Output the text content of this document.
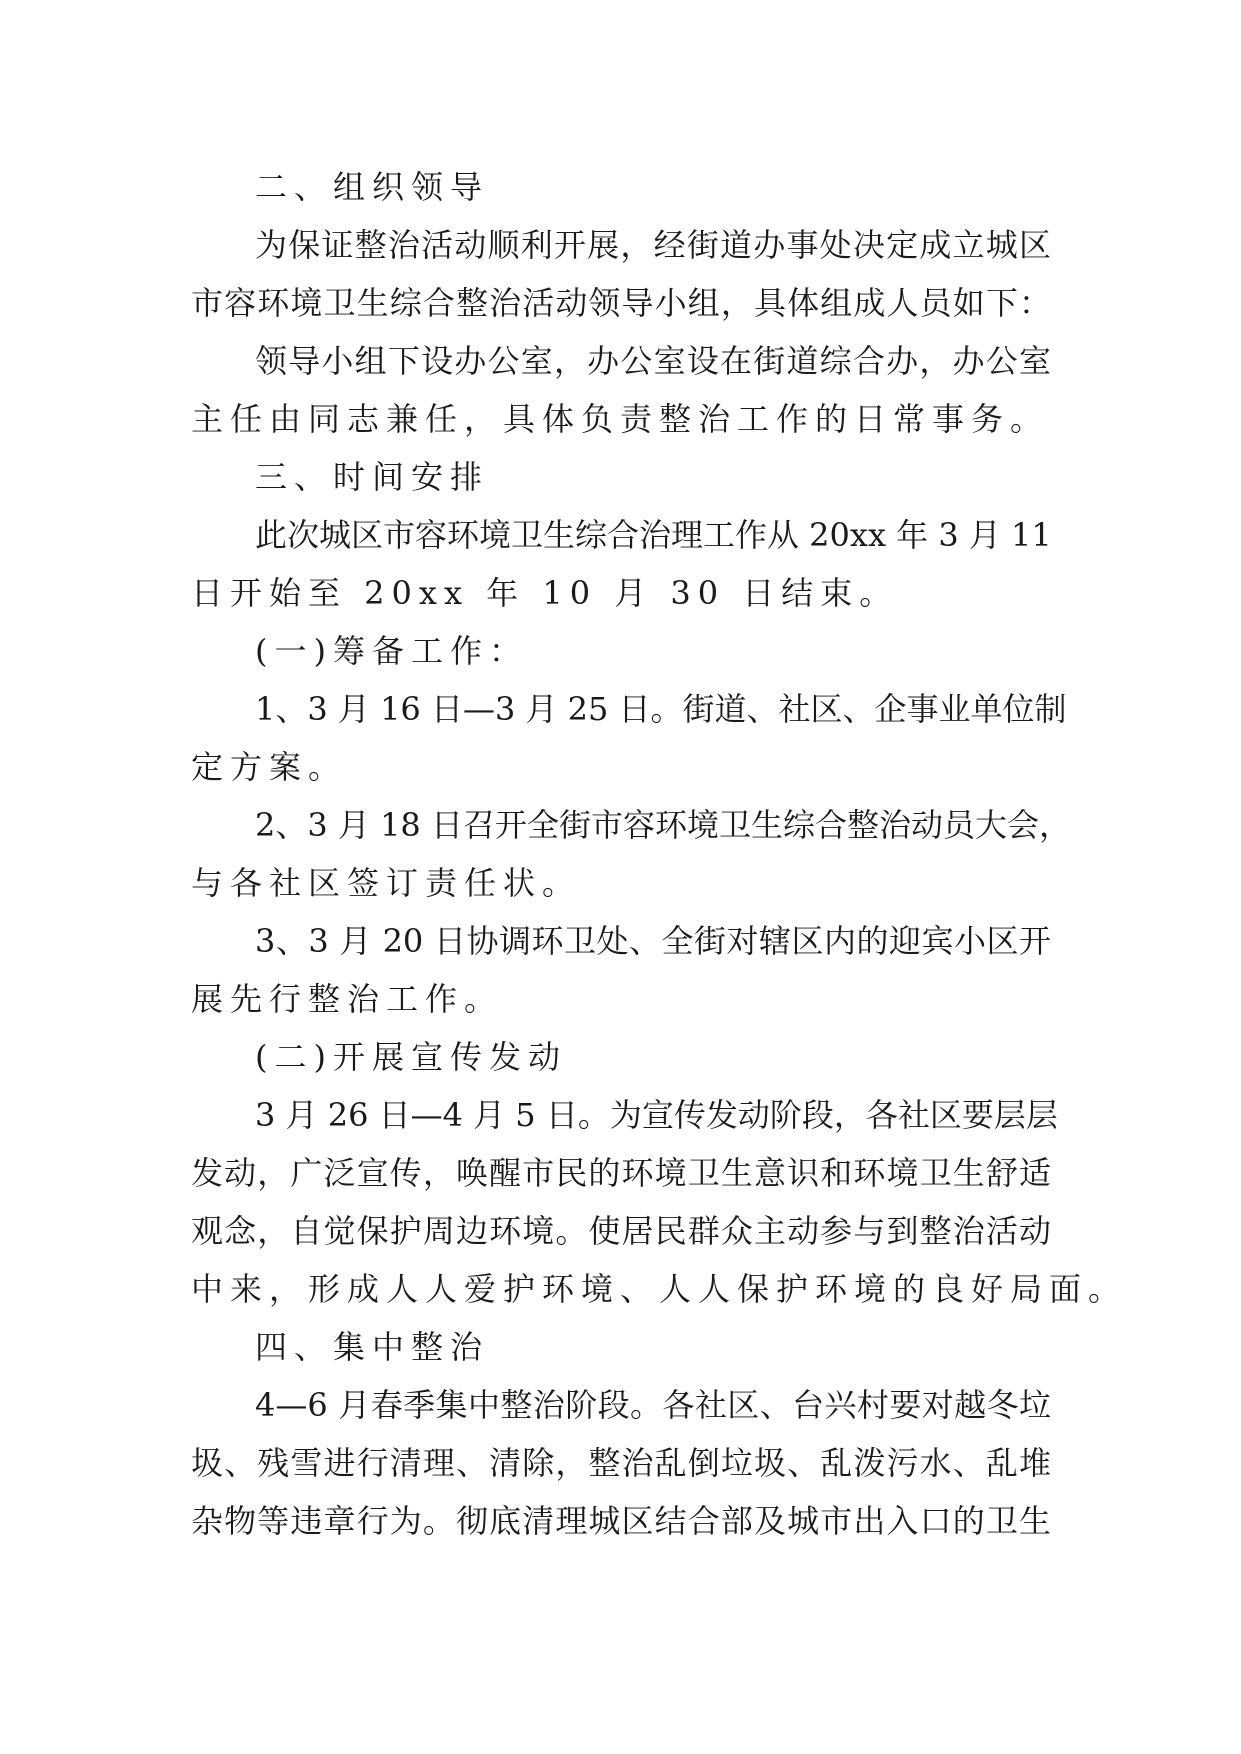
二、组织领导
为保证整治活动顺利开展，经街道办事处决定成立城区
市容环境卫生综合整治活动领导小组，具体组成人员如下：
领导小组下设办公室，办公室设在街道综合办，办公室
主任由同志兼任，具体负责整治工作的日常事务。
三、时间安排
此次城区市容环境卫生综合治理工作从 20xx 年 3 月 11
日开始至 20xx 年 10 月 30 日结束。
(一)筹备工作：
1、3 月 16 日—3 月 25 日。街道、社区、企事业单位制
定方案。
2、3 月 18 日召开全街市容环境卫生综合整治动员大会，
与各社区签订责任状。
3、3 月 20 日协调环卫处、全街对辖区内的迎宾小区开
展先行整治工作。
(二)开展宣传发动
3 月 26 日—4 月 5 日。为宣传发动阶段，各社区要层层
发动，广泛宣传，唤醒市民的环境卫生意识和环境卫生舒适
观念，自觉保护周边环境。使居民群众主动参与到整治活动
中来，形成人人爱护环境、人人保护环境的良好局面。
四、集中整治
4—6 月春季集中整治阶段。各社区、台兴村要对越冬垃
圾、残雪进行清理、清除，整治乱倒垃圾、乱泼污水、乱堆
杂物等违章行为。彻底清理城区结合部及城市出入口的卫生
